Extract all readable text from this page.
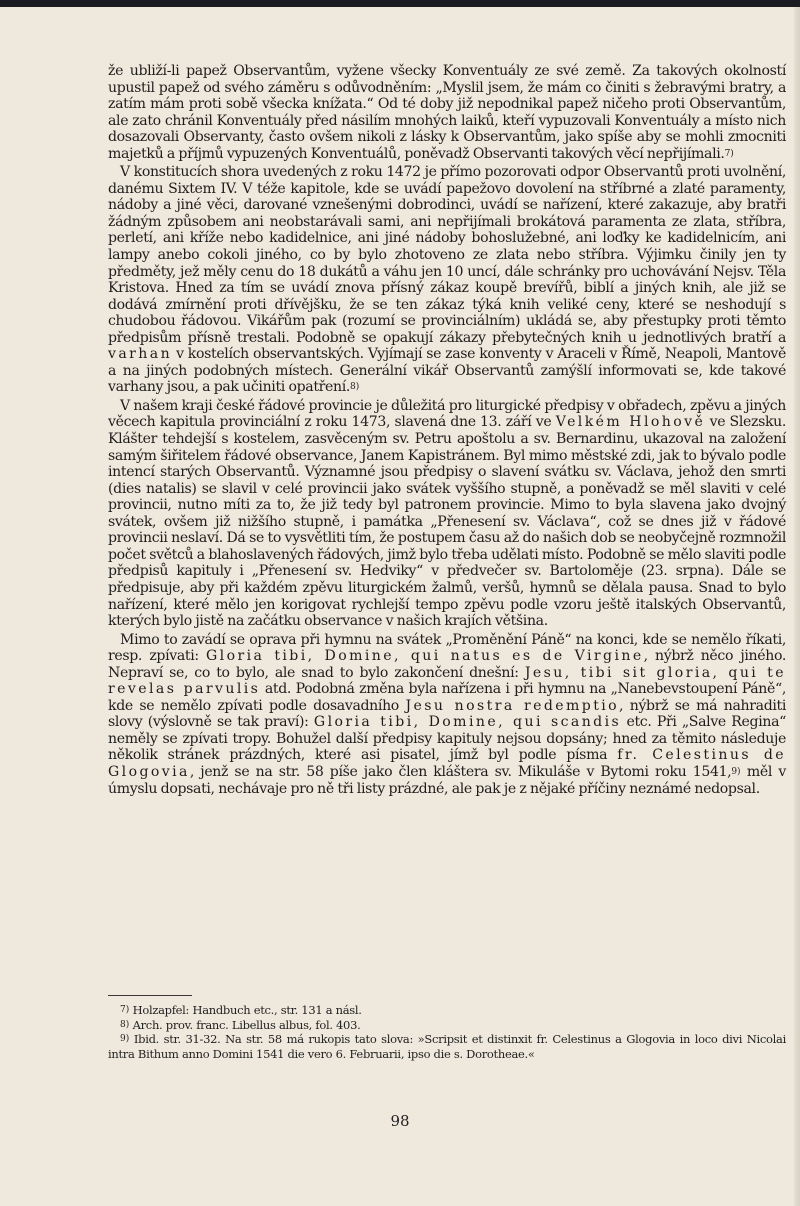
že ubliží-li papež Observantům, vyžene všecky Konventuály ze své země. Za takových okolností upustil papež od svého záměru s odůvodněním: „Myslil jsem, že mám co činiti s žebravými bratry, a zatím mám proti sobě všecka knížata.“ Od té doby již nepodnikal papež ničeho proti Observantům, ale zato chránil Konventuály před násilím mnohých laiků, kteří vypuzovali Konventuály a místo nich dosazovali Observanty, často ovšem nikoli z lásky k Observantům, jako spíše aby se mohli zmocniti majetků a příjmů vypuzených Konventuálů, poněvadž Observanti takových věcí nepřijímali.$^{7)}$

V konstitucích shora uvedených z roku 1472 je přímo pozorovati odpor Observantů proti uvolnění, danému Sixtem IV. V téže kapitole, kde se uvádí papežovo dovolení na stříbrné a zlaté paramenty, nádoby a jiné věci, darované vznešenými dobrodinci, uvádí se nařízení, které zakazuje, aby bratři žádným způsobem ani neobstarávali sami, ani nepřijímali brokátová paramenta ze zlata, stříbra, perletí, ani kříže nebo kadidelnice, ani jiné nádoby bohoslužebné, ani loďky ke kadidelnicím, ani lampy anebo cokoli jiného, co by bylo zhotoveno ze zlata nebo stříbra. Výjimku činily jen ty předměty, jež měly cenu do 18 dukátů a váhu jen 10 uncí, dále schránky pro uchovávání Nejsv. Těla Kristova. Hned za tím se uvádí znova přísný zákaz koupě brevířů, biblí a jiných knih, ale již se dodává zmírnění proti dřívějšku, že se ten zákaz týká knih veliké ceny, které se neshodují s chudobou řádovou. Vikářům pak (rozumí se provinciálním) ukládá se, aby přestupky proti těmto předpisům přísně trestali. Podobně se opakují zákazy přebytečných knih u jednotlivých bratří a varhan v kostelích observantských. Vyjímají se zase konventy v Araceli v Římě, Neapoli, Mantově a na jiných podobných místech. Generální vikář Observantů zamýšlí informovati se, kde takové varhany jsou, a pak učiniti opatření.$^{8)}$

V našem kraji české řádové provincie je důležitá pro liturgické předpisy v obřadech, zpěvu a jiných věcech kapitula provinciální z roku 1473, slavená dne 13. září ve Velkém Hlohově ve Slezsku. Klášter tehdejší s kostelem, zasvěceným sv. Petru apoštolu a sv. Bernardinu, ukazoval na založení samým šiřitelem řádové observance, Janem Kapistránem. Byl mimo městské zdi, jak to bývalo podle intencí starých Observantů. Významné jsou předpisy o slavení svátku sv. Václava, jehož den smrti (dies natalis) se slavil v celé provincii jako svátek vyššího stupně, a poněvadž se měl slaviti v celé provincii, nutno míti za to, že již tedy byl patronem provincie. Mimo to byla slavena jako dvojný svátek, ovšem již nižšího stupně, i památka „Přenesení sv. Václava“, což se dnes již v řádové provincii neslaví. Dá se to vysvětliti tím, že postupem času až do našich dob se neobyčejně rozmnožil počet světců a blahoslavených řádových, jimž bylo třeba udělati místo. Podobně se mělo slaviti podle předpisů kapituly i „Přenesení sv. Hedviky“ v předvečer sv. Bartoloměje (23. srpna). Dále se předpisuje, aby při každém zpěvu liturgickém žalmů, veršů, hymnů se dělala pausa. Snad to bylo nařízení, které mělo jen korigovat rychlejší tempo zpěvu podle vzoru ještě italských Observantů, kterých bylo jistě na začátku observance v našich krajích většina.

Mimo to zavádí se oprava při hymnu na svátek „Proměnění Páně“ na konci, kde se nemělo říkati, resp. zpívati: Gloria tibi, Domine, qui natus es de Virgine, nýbrž něco jiného. Nepraví se, co to bylo, ale snad to bylo zakončení dnešní: Jesu, tibi sit gloria, qui te revelas parvulis atd. Podobná změna byla nařízena i při hymnu na „Nanebevstoupení Páně“, kde se nemělo zpívati podle dosavadního Jesu nostra redemptio, nýbrž se má nahraditi slovy (výslovně se tak praví): Gloria tibi, Domine, qui scandis etc. Při „Salve Regina“ neměly se zpívati tropy. Bohužel další předpisy kapituly nejsou dopsány; hned za těmito následuje několik stránek prázdných, které asi pisatel, jímž byl podle písma fr. Celestinus de Glogovia, jenž se na str. 58 píše jako člen kláštera sv. Mikuláše v Bytomi roku 1541,$^{9)}$ měl v úmyslu dopsati, nechávaje pro ně tři listy prázdné, ale pak je z nějaké příčiny neznámé nedopsal.

$^{7)}$ Holzapfel: Handbuch etc., str. 131 a násl.

$^{8)}$ Arch. prov. franc. Libellus albus, fol. 403.

$^{9)}$ Ibid. str. 31-32. Na str. 58 má rukopis tato slova: »Scripsit et distinxit fr. Celestinus a Glogovia in loco divi Nicolai intra Bithum anno Domini 1541 die vero 6. Februarii, ipso die s. Dorotheae.«

98
